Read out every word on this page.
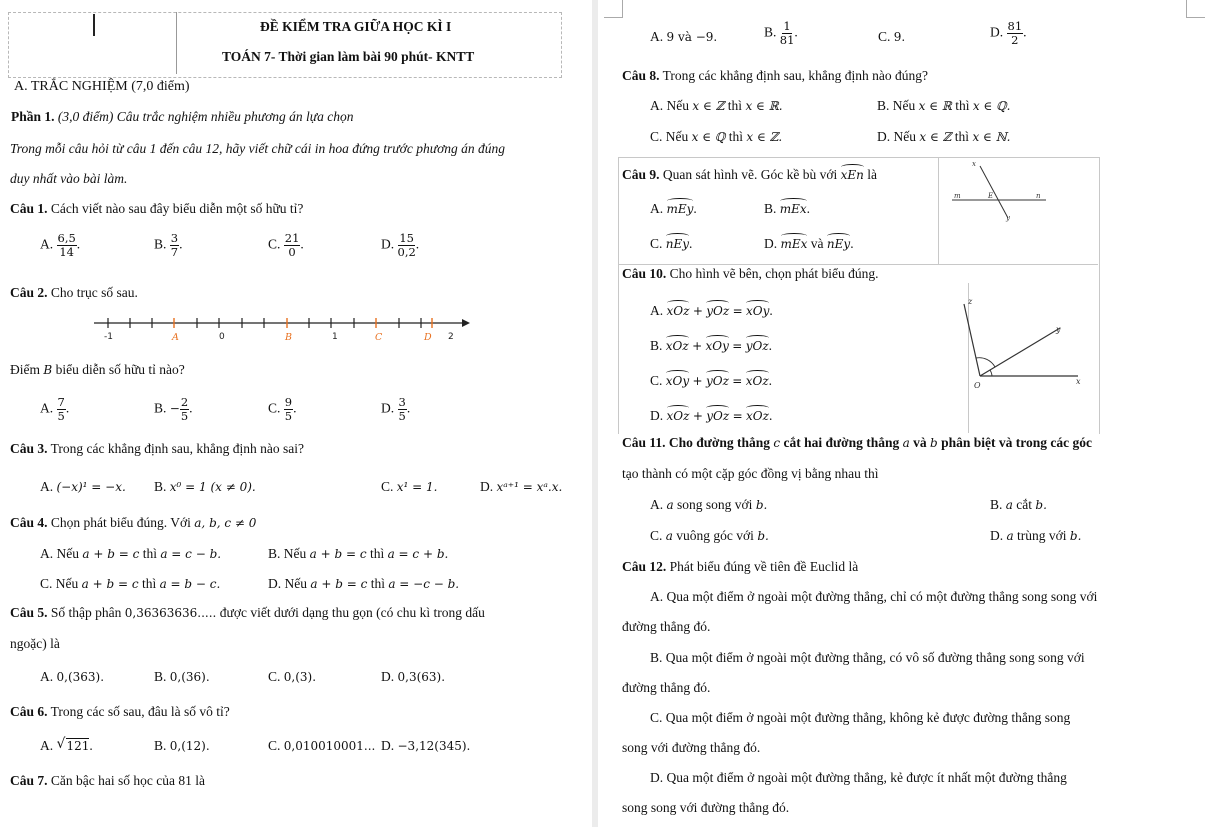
ĐỀ KIỂM TRA GIỮA HỌC KÌ I
TOÁN 7- Thời gian làm bài 90 phút- KNTT
A. TRẮC NGHIỆM (7,0 điểm)
Phần 1. (3,0 điểm) Câu trắc nghiệm nhiều phương án lựa chọn
Trong mỗi câu hỏi từ câu 1 đến câu 12, hãy viết chữ cái in hoa đứng trước phương án đúng
duy nhất vào bài làm.
Câu 1. Cách viết nào sau đây biểu diễn một số hữu tỉ?
A. $\frac{6,5}{14}$ .	B. $\frac{3}{7}$ .	C. $\frac{21}{0}$ .	D. $\frac{15}{0,2}$ .
Câu 2. Cho trục số sau.
-1	0	1	2
A	B	C	D
Điểm B biểu diễn số hữu tỉ nào?
A. $\frac{7}{5}$ .	B. − $\frac{2}{5}$ .	C. $\frac{9}{5}$ .	D. $\frac{3}{5}$ .
Câu 3. Trong các khẳng định sau, khẳng định nào sai?
A. (−x)¹ = −x. B. x⁰ = 1 (x ≠ 0).	C. x¹ = 1.	D. xᵃ⁺¹ = xᵃ.x.
Câu 4. Chọn phát biểu đúng. Với a, b, c ≠ 0
A. Nếu a + b = c thì a = c − b.	B. Nếu a + b = c thì a = c + b.
C. Nếu a + b = c thì a = b − c.	D. Nếu a + b = c thì a = −c − b.
Câu 5. Số thập phân 0,36363636..... được viết dưới dạng thu gọn (có chu kì trong dấu
ngoặc) là
A. 0,(363).	B. 0,(36).	C. 0,(3).	D. 0,3(63).
Câu 6. Trong các số sau, đâu là số vô tỉ?
A. √ 121.	B. 0,(12).	C. 0,010010001... D. −3,12(345).
Câu 7. Căn bậc hai số học của 81 là
A. 9 và −9.	B. $\frac{1}{81}$ .	C. 9.	D. $\frac{81}{2}$ .
Câu 8. Trong các khẳng định sau, khẳng định nào đúng?
A. Nếu x ∈ ℤ thì x ∈ ℝ.	B. Nếu x ∈ ℝ thì x ∈ ℚ.
C. Nếu x ∈ ℚ thì x ∈ ℤ.	D. Nếu x ∈ ℤ thì x ∈ ℕ.
Câu 9. Quan sát hình vẽ. Góc kề bù với xEn là
A. mEy.	B. mEx.
C. nEy.	D. mEx và nEy.
x
m	E	n
y
Câu 10. Cho hình vẽ bên, chọn phát biểu đúng.
A. xOz + yOz = xOy.
B. xOz + xOy = yOz.
C. xOy + yOz = xOz.
D. xOz + yOz = xOz.
z
y
O	x
Câu 11. Cho đường thẳng c cắt hai đường thẳng a và b phân biệt và trong các góc
tạo thành có một cặp góc đồng vị bằng nhau thì
A. a song song với b.	B. a cắt b.
C. a vuông góc với b.	D. a trùng với b.
Câu 12. Phát biểu đúng về tiên đề Euclid là
A. Qua một điểm ở ngoài một đường thẳng, chỉ có một đường thẳng song song với
đường thẳng đó.
B. Qua một điểm ở ngoài một đường thẳng, có vô số đường thẳng song song với
đường thẳng đó.
C. Qua một điểm ở ngoài một đường thẳng, không kẻ được đường thẳng song
song với đường thẳng đó.
D. Qua một điểm ở ngoài một đường thẳng, kẻ được ít nhất một đường thẳng
song song với đường thẳng đó.
